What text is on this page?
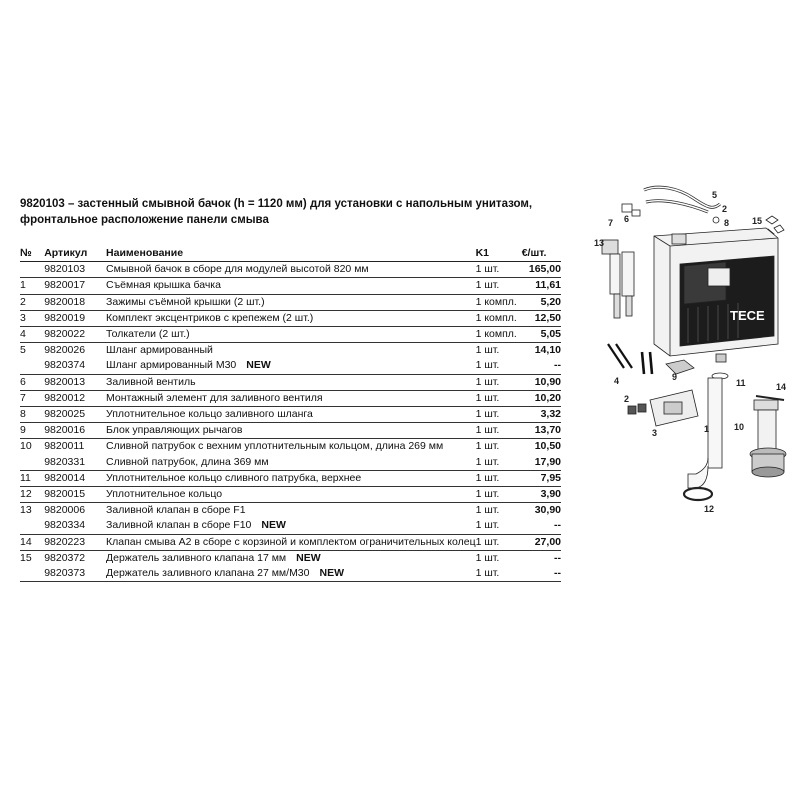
9820103 – застенный смывной бачок (h = 1120 мм) для установки с напольным унитазом, фронтальное расположение панели смыва
№	Артикул	Наименование	K1	€/шт.
	9820103	Смывной бачок в сборе для модулей высотой 820 мм	1 шт.	165,00
1	9820017	Съёмная крышка бачка	1 шт.	11,61
2	9820018	Зажимы съёмной крышки (2 шт.)	1 компл.	5,20
3	9820019	Комплект эксцентриков с крепежем (2 шт.)	1 компл.	12,50
4	9820022	Толкатели (2 шт.)	1 компл.	5,05
5	9820026	Шланг армированный	1 шт.	14,10
	9820374	Шланг армированный M30 NEW	1 шт.	--
6	9820013	Заливной вентиль	1 шт.	10,90
7	9820012	Монтажный элемент для заливного вентиля	1 шт.	10,20
8	9820025	Уплотнительное кольцо заливного шланга	1 шт.	3,32
9	9820016	Блок управляющих рычагов	1 шт.	13,70
10	9820011	Сливной патрубок с вехним уплотнительным кольцом, длина 269 мм	1 шт.	10,50
	9820331	Сливной патрубок, длина 369 мм	1 шт.	17,90
11	9820014	Уплотнительное кольцо сливного патрубка, верхнее	1 шт.	7,95
12	9820015	Уплотнительное кольцо	1 шт.	3,90
13	9820006	Заливной клапан в сборе F1	1 шт.	30,90
	9820334	Заливной клапан в сборе F10 NEW	1 шт.	--
14	9820223	Клапан смыва A2 в сборе с корзиной и комплектом ограничительных колец	1 шт.	27,00
15	9820372	Держатель заливного клапана 17 мм NEW	1 шт.	--
	9820373	Держатель заливного клапана 27 мм/M30 NEW	1 шт.	--
TECE
5
2
8
6
7	15
13
4	9
11	14
2
3	1	10
12
